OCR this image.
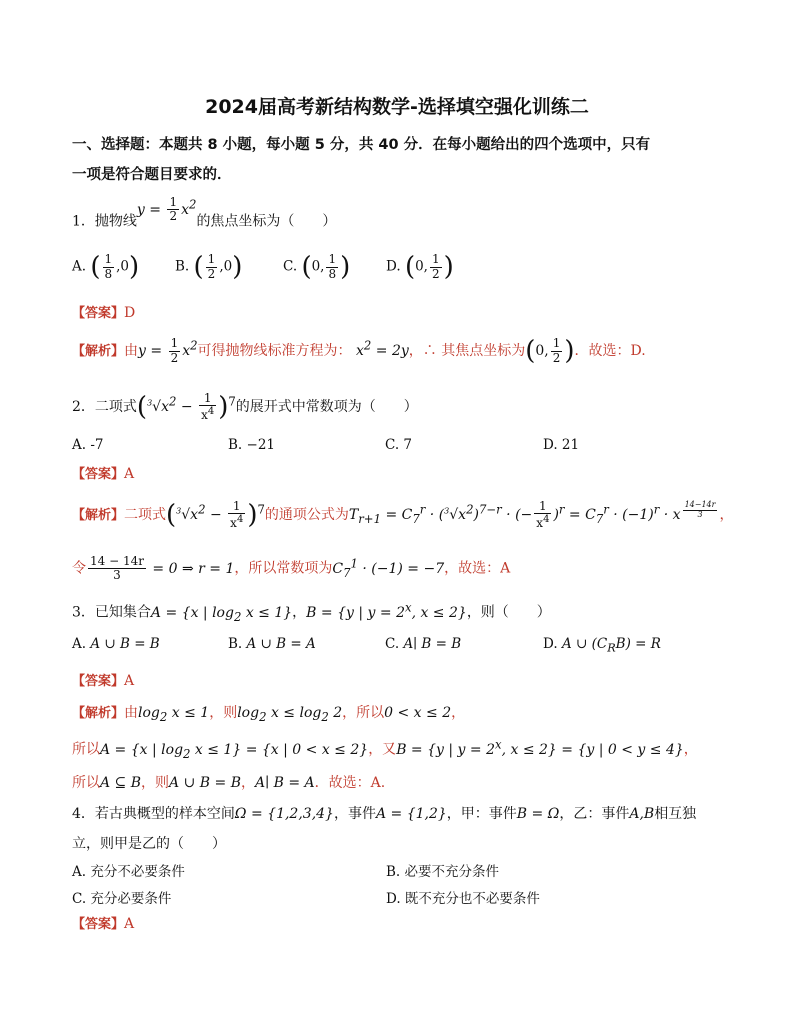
2024届高考新结构数学-选择填空强化训练二
一、选择题：本题共 8 小题，每小题 5 分，共 40 分．在每小题给出的四个选项中，只有
一项是符合题目要求的．
1．抛物线$y = \frac{1}{2} x^2$的焦点坐标为（　　）
A. ( $\frac{1}{8} ,0$)	B. ( $\frac{1}{2} ,0$)	C. (0, $\frac{1}{8}$ )	D. (0, $\frac{1}{2}$ )
【答案】D
【解析】由$y = \frac{1}{2} x^2$可得抛物线标准方程为： $x^2 = 2y$，∴ 其焦点坐标为(0, $\frac{1}{2}$ )．故选：D.
2．二项式$(^3√x^2 - \frac{1}{x^4} )^7$的展开式中常数项为（　　）
A. -7	B. −21	C. 7	D. 21
【答案】A
【解析】二项式$(^3√x^2 - \frac{1}{x^4} )^7$的通项公式为$T_{r+1} = C_7^r \cdot (^3√x^2)^{7-r}$ · (− $\frac{1}{x^4} )^r = C_7^r \cdot (-1)^r \cdot x$ $^{\frac{14-14r}{3}}$ ，
令 $\frac{14 - 14r}{3} = 0$ ⇒ r = 1，所以常数项为$C_7^1 \cdot (-1) = -7$，故选：A
3．已知集合A = {x | $\log_2 x \le 1$}，B = {y | $y = 2^x$, x ≤ 2}，则（　　）
A. A ∪ B = B	B. A ∪ B = A	C. A∣ B = B	D. A ∪ $(C_RB) = R$
【答案】A
【解析】由$\log_2 x \le 1$，则$\log_2 x \le \log_2 2$，所以0 < x ≤ 2，
所以A = {x | $\log_2 x \le 1\} = \{x$ | 0 < x ≤ 2}，又B = {y | $y = 2^x$, x ≤ 2} = {y | 0 < y ≤ 4}，
所以A ⊆ B，则A ∪ B = B，A∣ B = A．故选：A.
4．若古典概型的样本空间Ω = {1,2,3,4}，事件A = {1,2}，甲：事件B = Ω，乙：事件A,B相互独
立，则甲是乙的（　　）
A. 充分不必要条件	B. 必要不充分条件
C. 充分必要条件	D. 既不充分也不必要条件
【答案】A
